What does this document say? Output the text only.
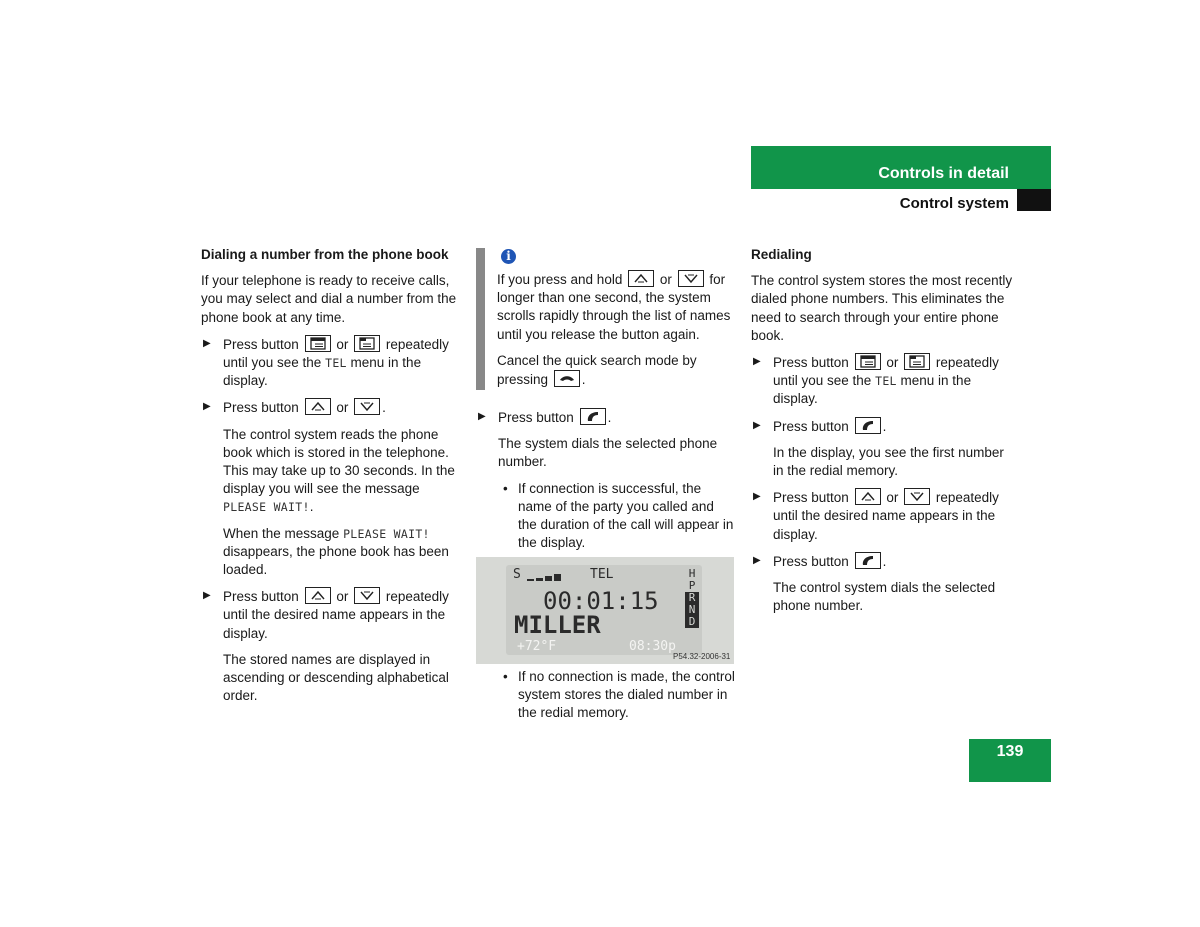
Controls in detail
Control system
Dialing a number from the phone book

If your telephone is ready to receive calls, you may select and dial a number from the phone book at any time.

▶ Press button	or	repeatedly until you see the TEL menu in the display.
▶ Press button	or	.
The control system reads the phone book which is stored in the telephone. This may take up to 30 seconds. In the display you will see the message PLEASE WAIT!.
When the message PLEASE WAIT! disappears, the phone book has been loaded.
▶ Press button	or	repeatedly until the desired name appears in the display.
The stored names are displayed in ascending or descending alphabetical order.
i

If you press and hold	or	for longer than one second, the system scrolls rapidly through the list of names until you release the button again.

Cancel the quick search mode by pressing	.

▶ Press button	.
The system dials the selected phone number.
• If connection is successful, the name of the party you called and the duration of the call will appear in the display.
S	TEL
00:01:15
MILLER
+72°F	08:30p
H
P
R
N
D
P54.32-2006-31
• If no connection is made, the control system stores the dialed number in the redial memory.
Redialing

The control system stores the most recently dialed phone numbers. This eliminates the need to search through your entire phone book.

▶ Press button	or	repeatedly until you see the TEL menu in the display.
▶ Press button	.
In the display, you see the first number in the redial memory.
▶ Press button	or	repeatedly until the desired name appears in the display.
▶ Press button	.
The control system dials the selected phone number.
139
